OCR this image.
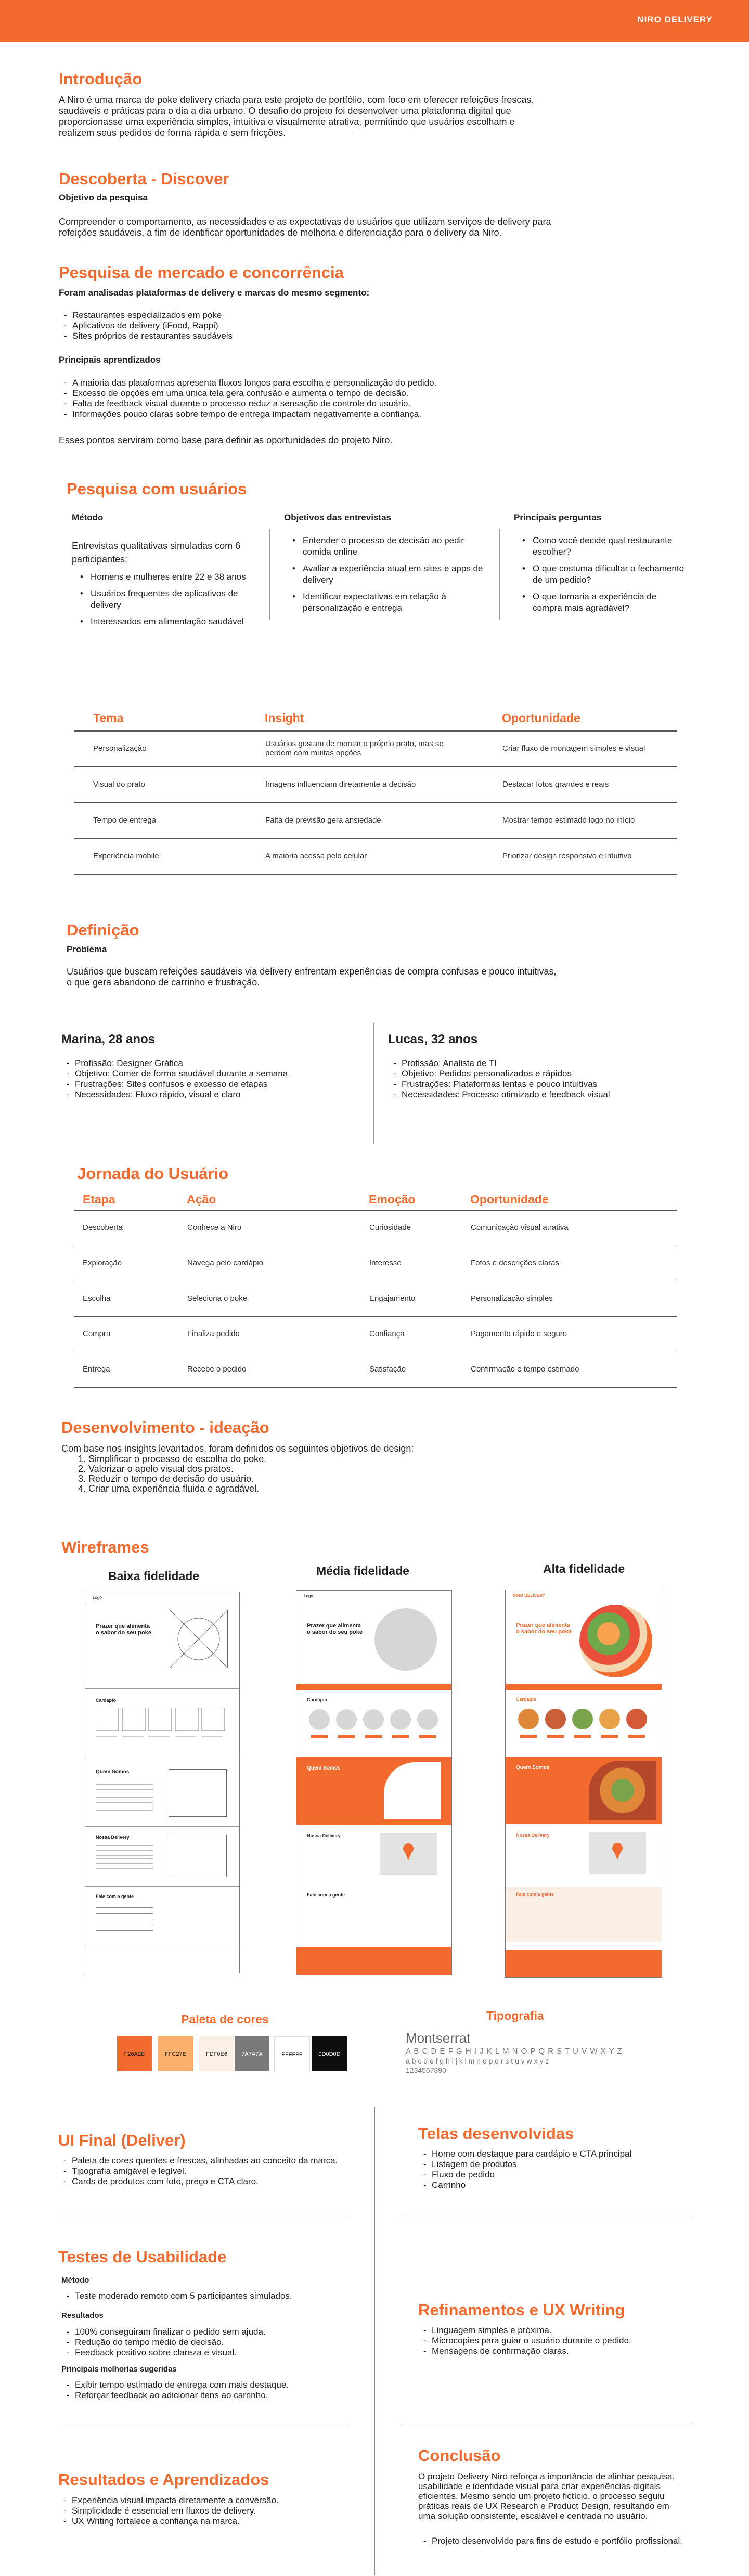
NIRO DELIVERY
Introdução

A Niro é uma marca de poke delivery criada para este projeto de portfólio, com foco em oferecer refeições frescas,

saudáveis e práticas para o dia a dia urbano. O desafio do projeto foi desenvolver uma plataforma digital que

proporcionasse uma experiência simples, intuitiva e visualmente atrativa, permitindo que usuários escolham e

realizem seus pedidos de forma rápida e sem fricções.

Descoberta - Discover

Objetivo da pesquisa

Compreender o comportamento, as necessidades e as expectativas de usuários que utilizam serviços de delivery para

refeições saudáveis, a fim de identificar oportunidades de melhoria e diferenciação para o delivery da Niro.

Pesquisa de mercado e concorrência

Foram analisadas plataformas de delivery e marcas do mesmo segmento:

- Restaurantes especializados em poke
- Aplicativos de delivery (iFood, Rappi)
- Sites próprios de restaurantes saudáveis

Principais aprendizados

- A maioria das plataformas apresenta fluxos longos para escolha e personalização do pedido.
- Excesso de opções em uma única tela gera confusão e aumenta o tempo de decisão.
- Falta de feedback visual durante o processo reduz a sensação de controle do usuário.
- Informações pouco claras sobre tempo de entrega impactam negativamente a confiança.

Esses pontos serviram como base para definir as oportunidades do projeto Niro.

Pesquisa com usuários

Método

Entrevistas qualitativas simuladas com 6 participantes:

• Homens e mulheres entre 22 e 38 anos
• Usuários frequentes de aplicativos de delivery
• Interessados em alimentação saudável

Objetivos das entrevistas

• Entender o processo de decisão ao pedir comida online
• Avaliar a experiência atual em sites e apps de delivery
• Identificar expectativas em relação à personalização e entrega

Principais perguntas

• Como você decide qual restaurante escolher?
• O que costuma dificultar o fechamento de um pedido?
• O que tornaria a experiência de compra mais agradável?
Tema	Insight	Oportunidade
Personalização	Usuários gostam de montar o próprio prato, mas se perdem com muitas opções	Criar fluxo de montagem simples e visual
Visual do prato	Imagens influenciam diretamente a decisão	Destacar fotos grandes e reais
Tempo de entrega	Falta de previsão gera ansiedade	Mostrar tempo estimado logo no início
Experiência mobile	A maioria acessa pelo celular	Priorizar design responsivo e intuitivo
Definição

Problema

Usuários que buscam refeições saudáveis via delivery enfrentam experiências de compra confusas e pouco intuitivas,

o que gera abandono de carrinho e frustração.

Marina, 28 anos

- Profissão: Designer Gráfica
- Objetivo: Comer de forma saudável durante a semana
- Frustrações: Sites confusos e excesso de etapas
- Necessidades: Fluxo rápido, visual e claro

Lucas, 32 anos

- Profissão: Analista de TI
- Objetivo: Pedidos personalizados e rápidos
- Frustrações: Plataformas lentas e pouco intuitivas
- Necessidades: Processo otimizado e feedback visual
Jornada do Usuário
Etapa	Ação	Emoção	Oportunidade
Descoberta	Conhece a Niro	Curiosidade	Comunicação visual atrativa
Exploração	Navega pelo cardápio	Interesse	Fotos e descrições claras
Escolha	Seleciona o poke	Engajamento	Personalização simples
Compra	Finaliza pedido	Confiança	Pagamento rápido e seguro
Entrega	Recebe o pedido	Satisfação	Confirmação e tempo estimado
Desenvolvimento - ideação

Com base nos insights levantados, foram definidos os seguintes objetivos de design:

1. Simplificar o processo de escolha do poke.
2. Valorizar o apelo visual dos pratos.
3. Reduzir o tempo de decisão do usuário.
4. Criar uma experiência fluida e agradável.
Wireframes

Baixa fidelidade	Média fidelidade	Alta fidelidade

Logo
Prazer que alimenta o sabor do seu poke
Cardápio
Quem Somos
Nossa Delivery
Fale com a gente
Logo
Prazer que alimenta o sabor do seu poke
Cardápio
Quem Somos
Nossa Delivery
Fale com a gente
NIRO DELIVERY
Prazer que alimenta o sabor do seu poke
Cardápio
Quem Somos
Nossa Delivery
Fale com a gente

Paleta de cores

F26A2E	FFC27E	FDF0E6 7A7A7A	FFFFFF	0D0D0D

Tipografia

Montserrat

A B C D E F G H I J K L M N O P Q R S T U V W X Y Z

a b c d e f g h i j k l m n o p q r s t u v w x y z

1234567890

UI Final (Deliver)
- Paleta de cores quentes e frescas, alinhadas ao conceito da marca.
- Tipografia amigável e legível.
- Cards de produtos com foto, preço e CTA claro.
Telas desenvolvidas
- Home com destaque para cardápio e CTA principal
- Listagem de produtos
- Fluxo de pedido
- Carrinho
Testes de Usabilidade

Método

- Teste moderado remoto com 5 participantes simulados.

Resultados

- 100% conseguiram finalizar o pedido sem ajuda.
- Redução do tempo médio de decisão.
- Feedback positivo sobre clareza e visual.

Principais melhorias sugeridas

- Exibir tempo estimado de entrega com mais destaque.
- Reforçar feedback ao adicionar itens ao carrinho.
Refinamentos e UX Writing
- Linguagem simples e próxima.
- Microcopies para guiar o usuário durante o pedido.
- Mensagens de confirmação claras.
Resultados e Aprendizados
- Experiência visual impacta diretamente a conversão.
- Simplicidade é essencial em fluxos de delivery.
- UX Writing fortalece a confiança na marca.
Conclusão

O projeto Delivery Niro reforça a importância de alinhar pesquisa,

usabilidade e identidade visual para criar experiências digitais

eficientes. Mesmo sendo um projeto fictício, o processo seguiu

práticas reais de UX Research e Product Design, resultando em

uma solução consistente, escalável e centrada no usuário.

- Projeto desenvolvido para fins de estudo e portfólio profissional.
